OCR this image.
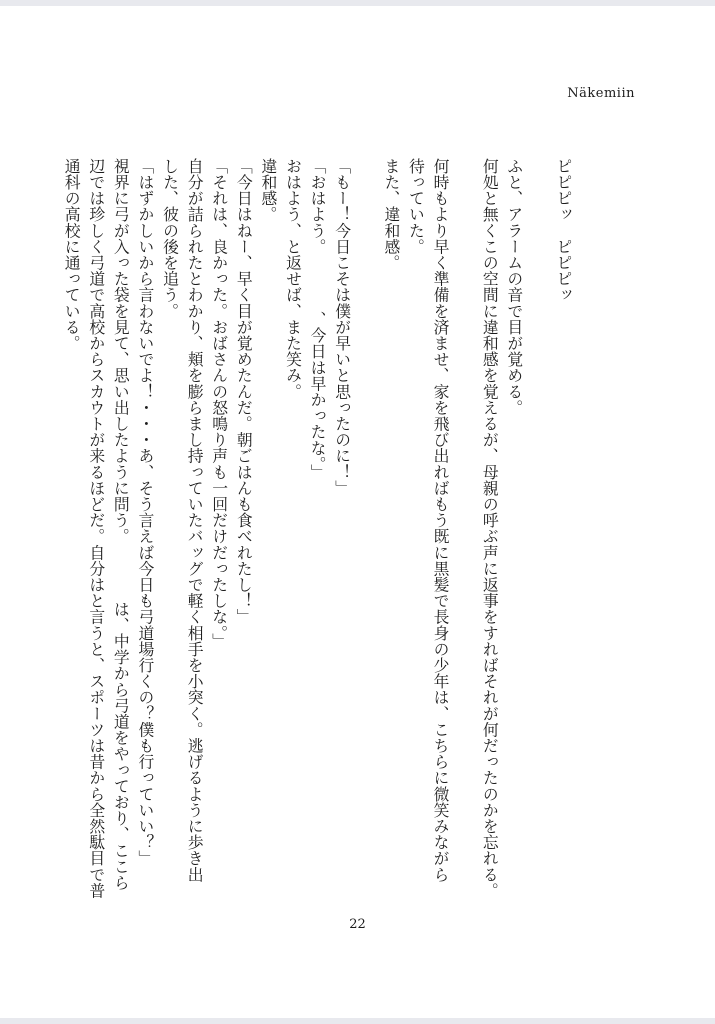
Näkemiin
ピピピッ　ピピピッ
ふと、アラームの音で目が覚める。
何処と無くこの空間に違和感を覚えるが、母親の呼ぶ声に返事をすればそれが何だったのかを忘れる。
何時もより早く準備を済ませ、家を飛び出ればもう既に黒髪で長身の少年は、こちらに微笑みながら
待っていた。
また、違和感。
「もー！今日こそは僕が早いと思ったのに！」
「おはよう。　　　　、今日は早かったな。」
おはよう、と返せば、また笑み。
違和感。
「今日はねー、早く目が覚めたんだ。朝ごはんも食べれたし！」
「それは、良かった。おばさんの怒鳴り声も一回だけだったしな。」
自分が詰られたとわかり、頬を膨らまし持っていたバッグで軽く相手を小突く。逃げるように歩き出
した、彼の後を追う。
「はずかしいから言わないでよ！・・・あ、そう言えば今日も弓道場行くの？僕も行っていい？」
視界に弓が入った袋を見て、思い出したように問う。　　　　は、中学から弓道をやっており、ここら
辺では珍しく弓道で高校からスカウトが来るほどだ。自分はと言うと、スポーツは昔から全然駄目で普
通科の高校に通っている。
22
